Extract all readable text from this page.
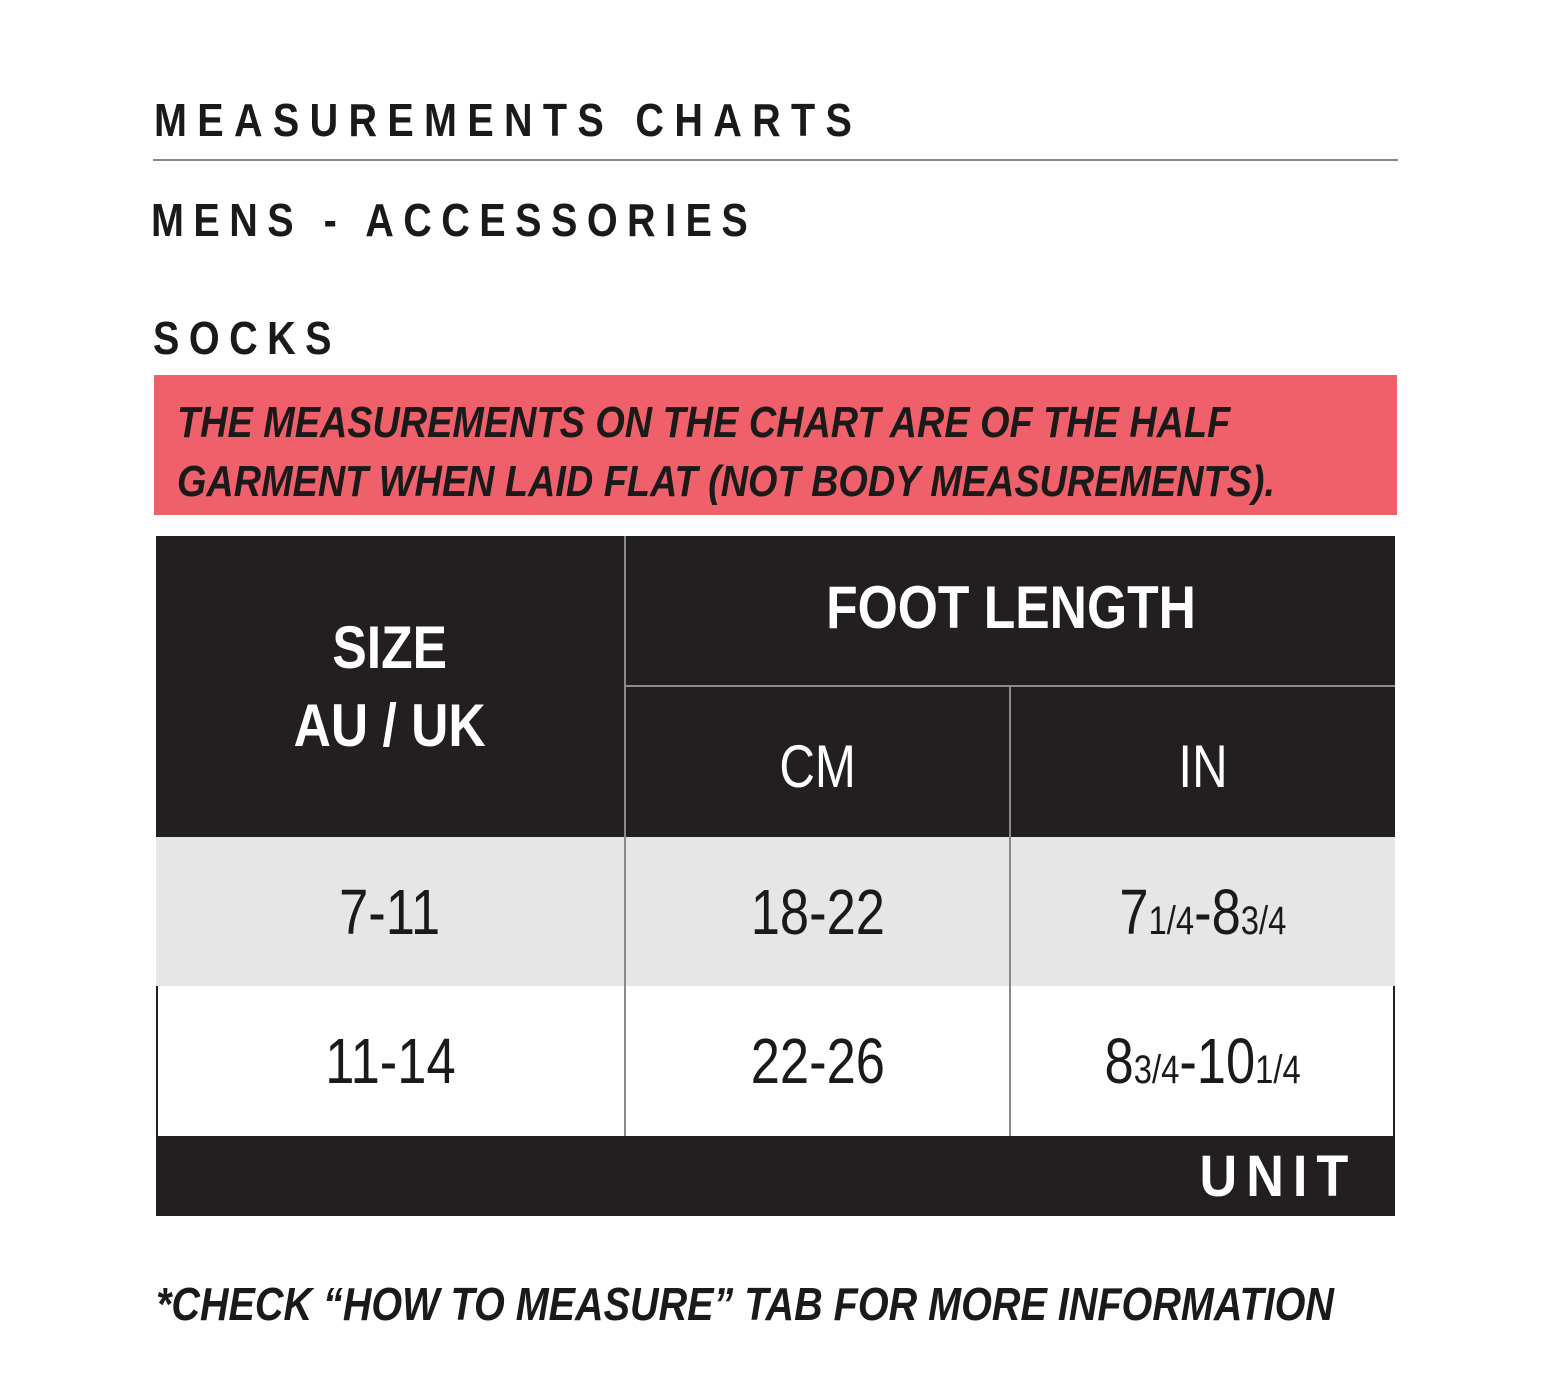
MEASUREMENTS CHARTS
MENS - ACCESSORIES
SOCKS
THE MEASUREMENTS ON THE CHART ARE OF THE HALF GARMENT WHEN LAID FLAT (NOT BODY MEASUREMENTS).
SIZE
AU / UK
FOOT LENGTH
CM	IN
7-11	18-22	71/4-83/4
11-14	22-26	83/4-101/4
UNIT
*CHECK “HOW TO MEASURE” TAB FOR MORE INFORMATION
